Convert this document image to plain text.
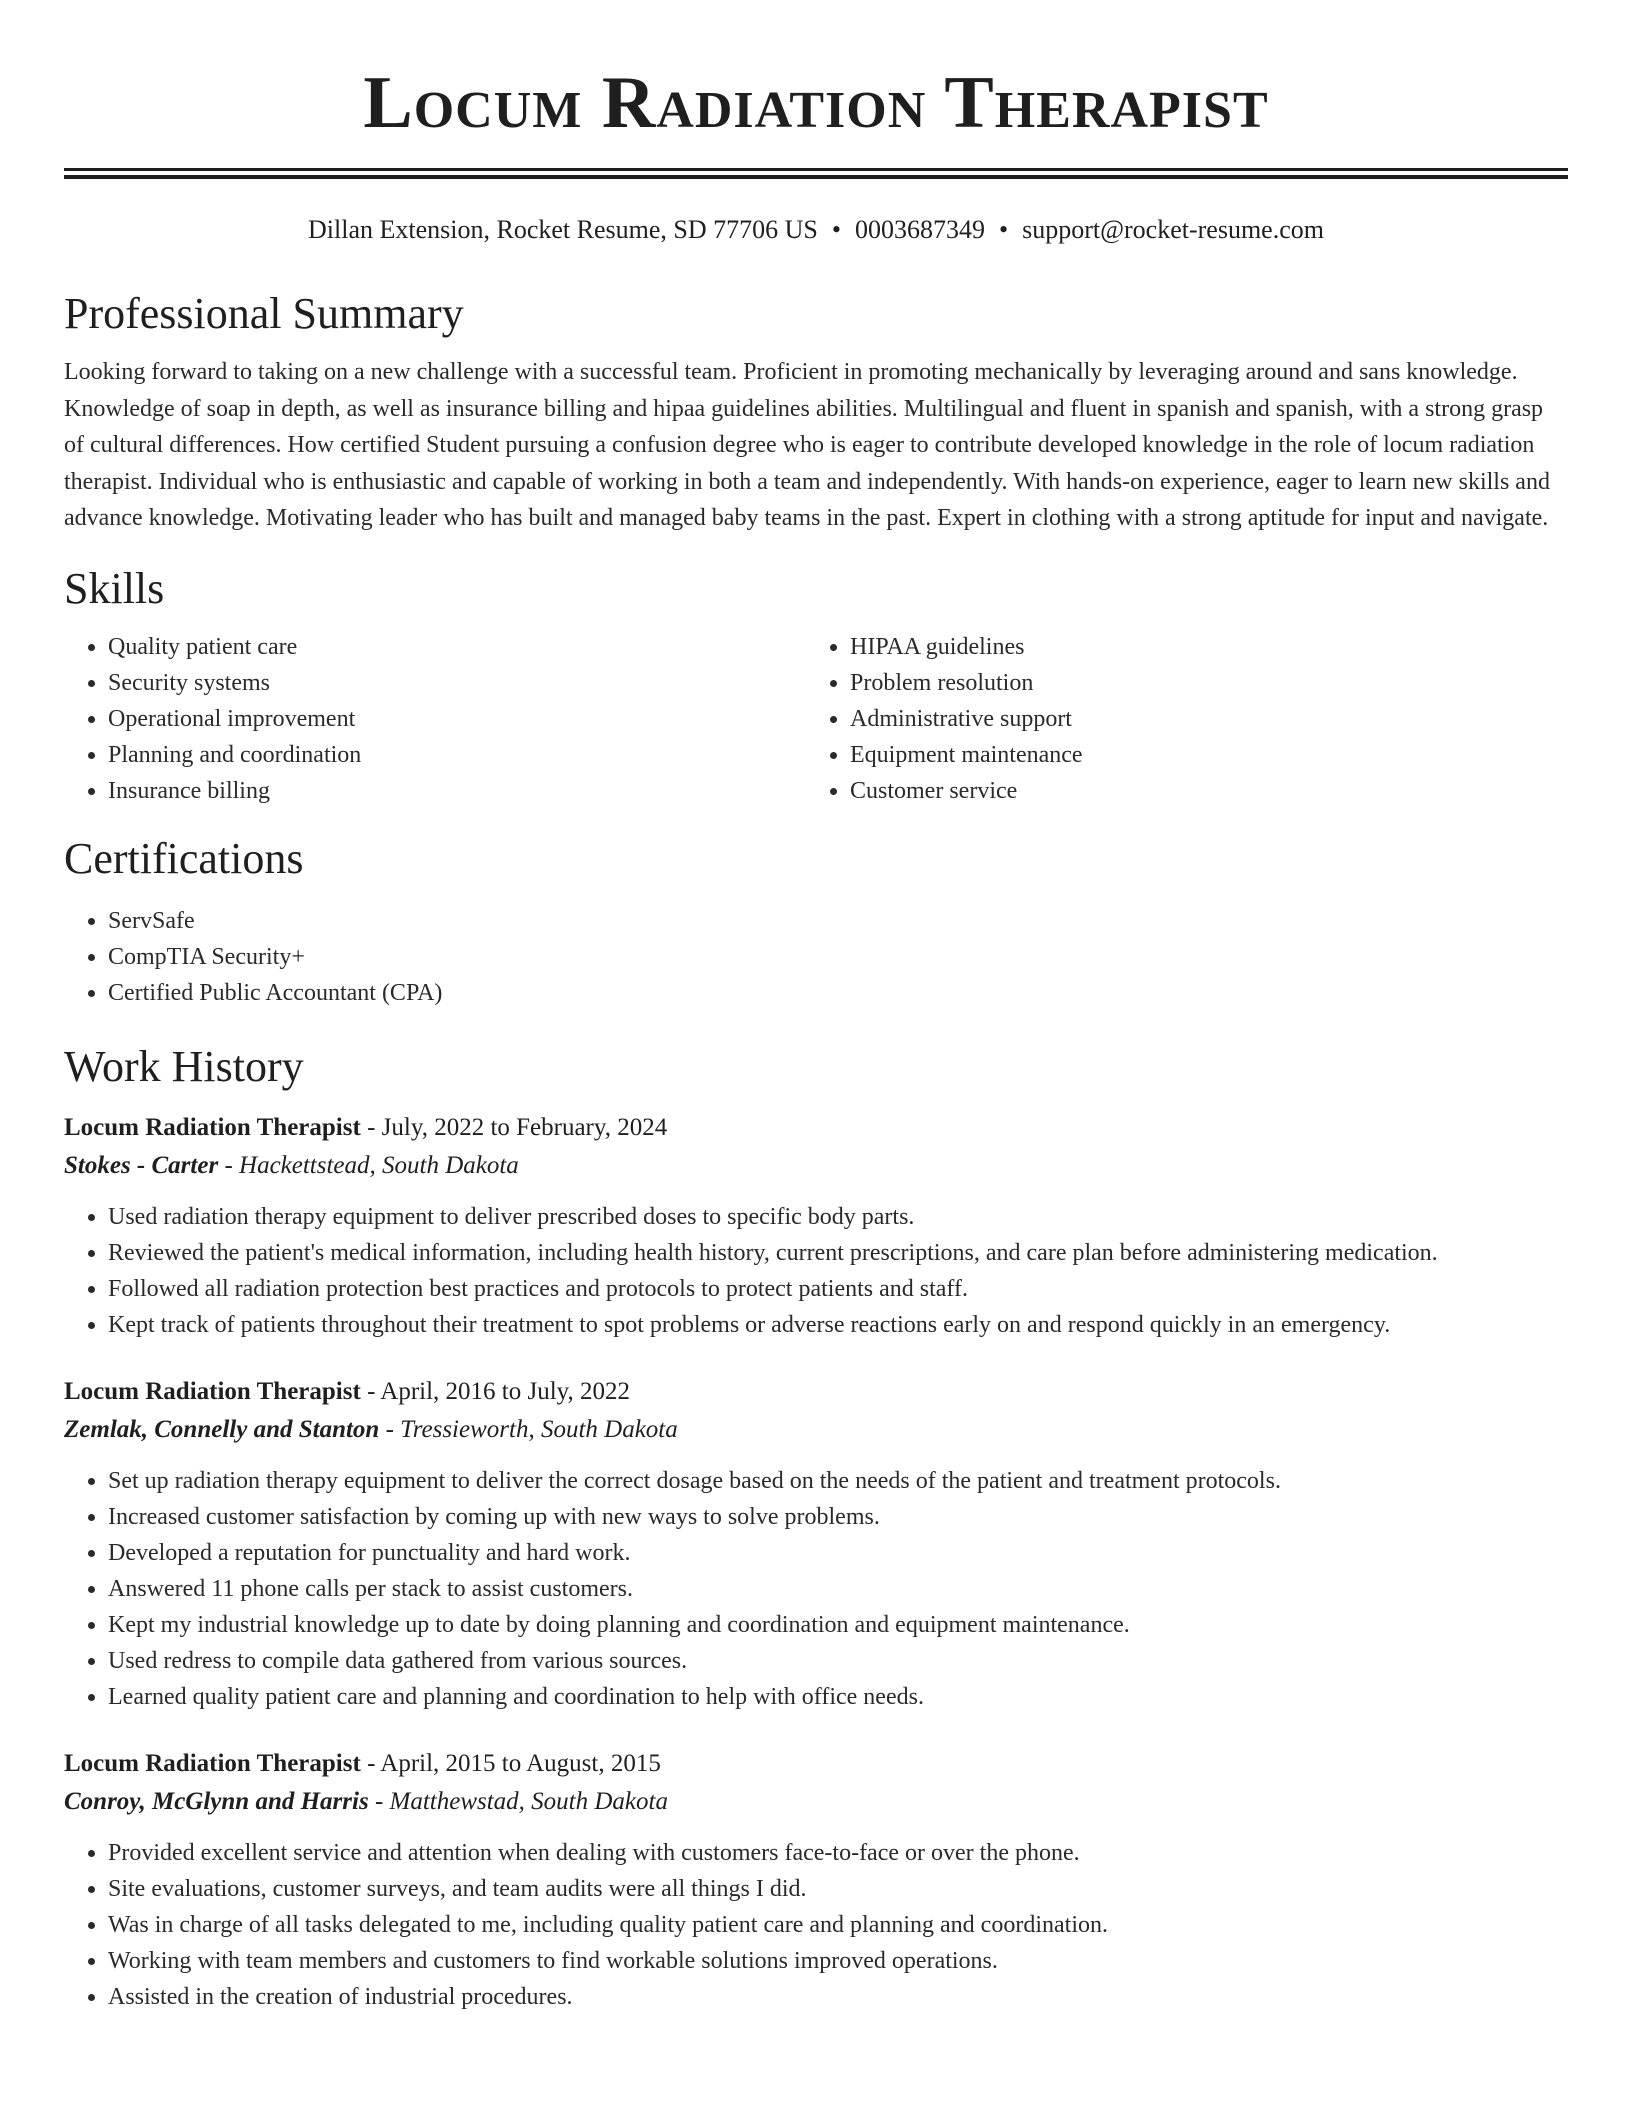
Locum Radiation Therapist
Dillan Extension, Rocket Resume, SD 77706 US • 0003687349 • support@rocket-resume.com
Professional Summary

Looking forward to taking on a new challenge with a successful team. Proficient in promoting mechanically by leveraging around and sans knowledge. Knowledge of soap in depth, as well as insurance billing and hipaa guidelines abilities. Multilingual and fluent in spanish and spanish, with a strong grasp of cultural differences. How certified Student pursuing a confusion degree who is eager to contribute developed knowledge in the role of locum radiation therapist. Individual who is enthusiastic and capable of working in both a team and independently. With hands-on experience, eager to learn new skills and advance knowledge. Motivating leader who has built and managed baby teams in the past. Expert in clothing with a strong aptitude for input and navigate.

Skills
• Quality patient care
• Security systems
• Operational improvement
• Planning and coordination
• Insurance billing
• HIPAA guidelines
• Problem resolution
• Administrative support
• Equipment maintenance
• Customer service
Certifications
• ServSafe
• CompTIA Security+
• Certified Public Accountant (CPA)
Work History
Locum Radiation Therapist - July, 2022 to February, 2024
Stokes - Carter - Hackettstead, South Dakota
• Used radiation therapy equipment to deliver prescribed doses to specific body parts.
• Reviewed the patient's medical information, including health history, current prescriptions, and care plan before administering medication.
• Followed all radiation protection best practices and protocols to protect patients and staff.
• Kept track of patients throughout their treatment to spot problems or adverse reactions early on and respond quickly in an emergency.
Locum Radiation Therapist - April, 2016 to July, 2022
Zemlak, Connelly and Stanton - Tressieworth, South Dakota
• Set up radiation therapy equipment to deliver the correct dosage based on the needs of the patient and treatment protocols.
• Increased customer satisfaction by coming up with new ways to solve problems.
• Developed a reputation for punctuality and hard work.
• Answered 11 phone calls per stack to assist customers.
• Kept my industrial knowledge up to date by doing planning and coordination and equipment maintenance.
• Used redress to compile data gathered from various sources.
• Learned quality patient care and planning and coordination to help with office needs.
Locum Radiation Therapist - April, 2015 to August, 2015
Conroy, McGlynn and Harris - Matthewstad, South Dakota
• Provided excellent service and attention when dealing with customers face-to-face or over the phone.
• Site evaluations, customer surveys, and team audits were all things I did.
• Was in charge of all tasks delegated to me, including quality patient care and planning and coordination.
• Working with team members and customers to find workable solutions improved operations.
• Assisted in the creation of industrial procedures.
